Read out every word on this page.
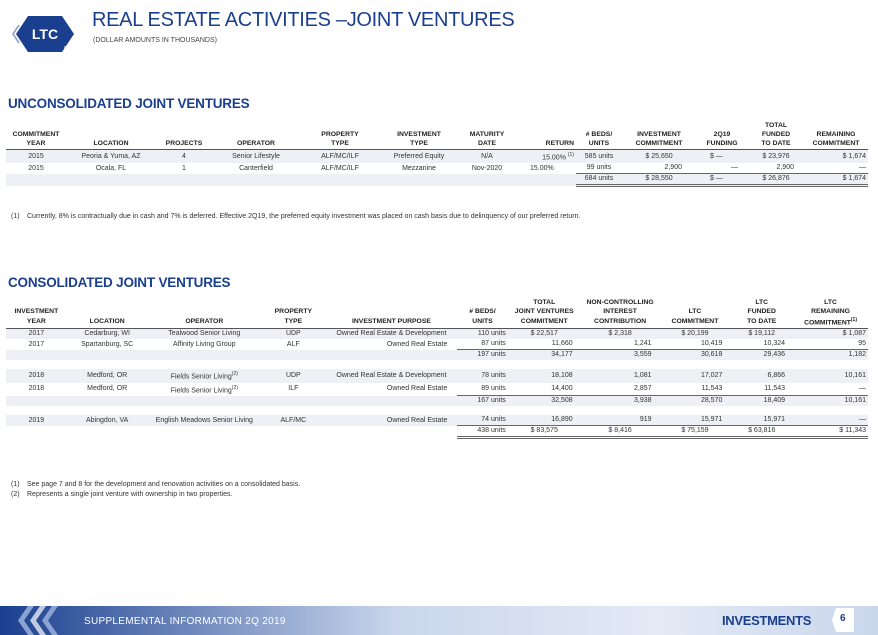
LTC
REIT
REAL ESTATE ACTIVITIES –JOINT VENTURES
(DOLLAR AMOUNTS IN THOUSANDS)
UNCONSOLIDATED JOINT VENTURES
											TOTAL	
COMMITMENT				PROPERTY	INVESTMENT	MATURITY		# BEDS/	INVESTMENT	2Q19	FUNDED	REMAINING
YEAR	LOCATION	PROJECTS	OPERATOR	TYPE	TYPE	DATE	RETURN	UNITS	COMMITMENT	FUNDING	TO DATE	COMMITMENT
2015	Peoria & Yuma, AZ	4	Senior Lifestyle	ALF/MC/ILF	Preferred Equity	N/A	15.00% $^{(1)}$	585 units	$ 25,650	$ —	$ 23,976	$ 1,674
2015	Ocala, FL	1	Canterfield	ALF/MC/ILF	Mezzanine	Nov-2020	15.00%	99 units	2,900	—	2,900	—
								684 units	$ 28,550	$ —	$ 26,876	$ 1,674
(1) Currently, 8% is contractually due in cash and 7% is deferred. Effective 2Q19, the preferred equity investment was placed on cash basis due to delinquency of our preferred return.
CONSOLIDATED JOINT VENTURES
						TOTAL	NON-CONTROLLING		LTC	LTC
INVESTMENT			PROPERTY		# BEDS/	JOINT VENTURES	INTEREST	LTC	FUNDED	REMAINING
YEAR	LOCATION	OPERATOR	TYPE	INVESTMENT PURPOSE	UNITS	COMMITMENT	CONTRIBUTION	COMMITMENT	TO DATE	COMMITMENT$^{(1)}$
2017	Cedarburg, WI	Tealwood Senior Living	UDP	Owned Real Estate & Development	110 units	$ 22,517	$ 2,318	$ 20,199	$ 19,112	$ 1,087
2017	Spartanburg, SC	Affinity Living Group	ALF	Owned Real Estate	87 units	11,660	1,241	10,419	10,324	95
					197 units	34,177	3,559	30,618	29,436	1,182

2018	Medford, OR	Fields Senior Living$^{(2)}$	UDP	Owned Real Estate & Development	78 units	18,108	1,081	17,027	6,866	10,161
2018	Medford, OR	Fields Senior Living$^{(2)}$	ILF	Owned Real Estate	89 units	14,400	2,857	11,543	11,543	—
					167 units	32,508	3,938	28,570	18,409	10,161

2019	Abingdon, VA	English Meadows Senior Living	ALF/MC	Owned Real Estate	74 units	16,890	919	15,971	15,971	—
					438 units	$ 83,575	$ 8,416	$ 75,159	$ 63,816	$ 11,343
(1) See page 7 and 8 for the development and renovation activities on a consolidated basis.
(2) Represents a single joint venture with ownership in two properties.
SUPPLEMENTAL INFORMATION 2Q 2019	INVESTMENTS	6
